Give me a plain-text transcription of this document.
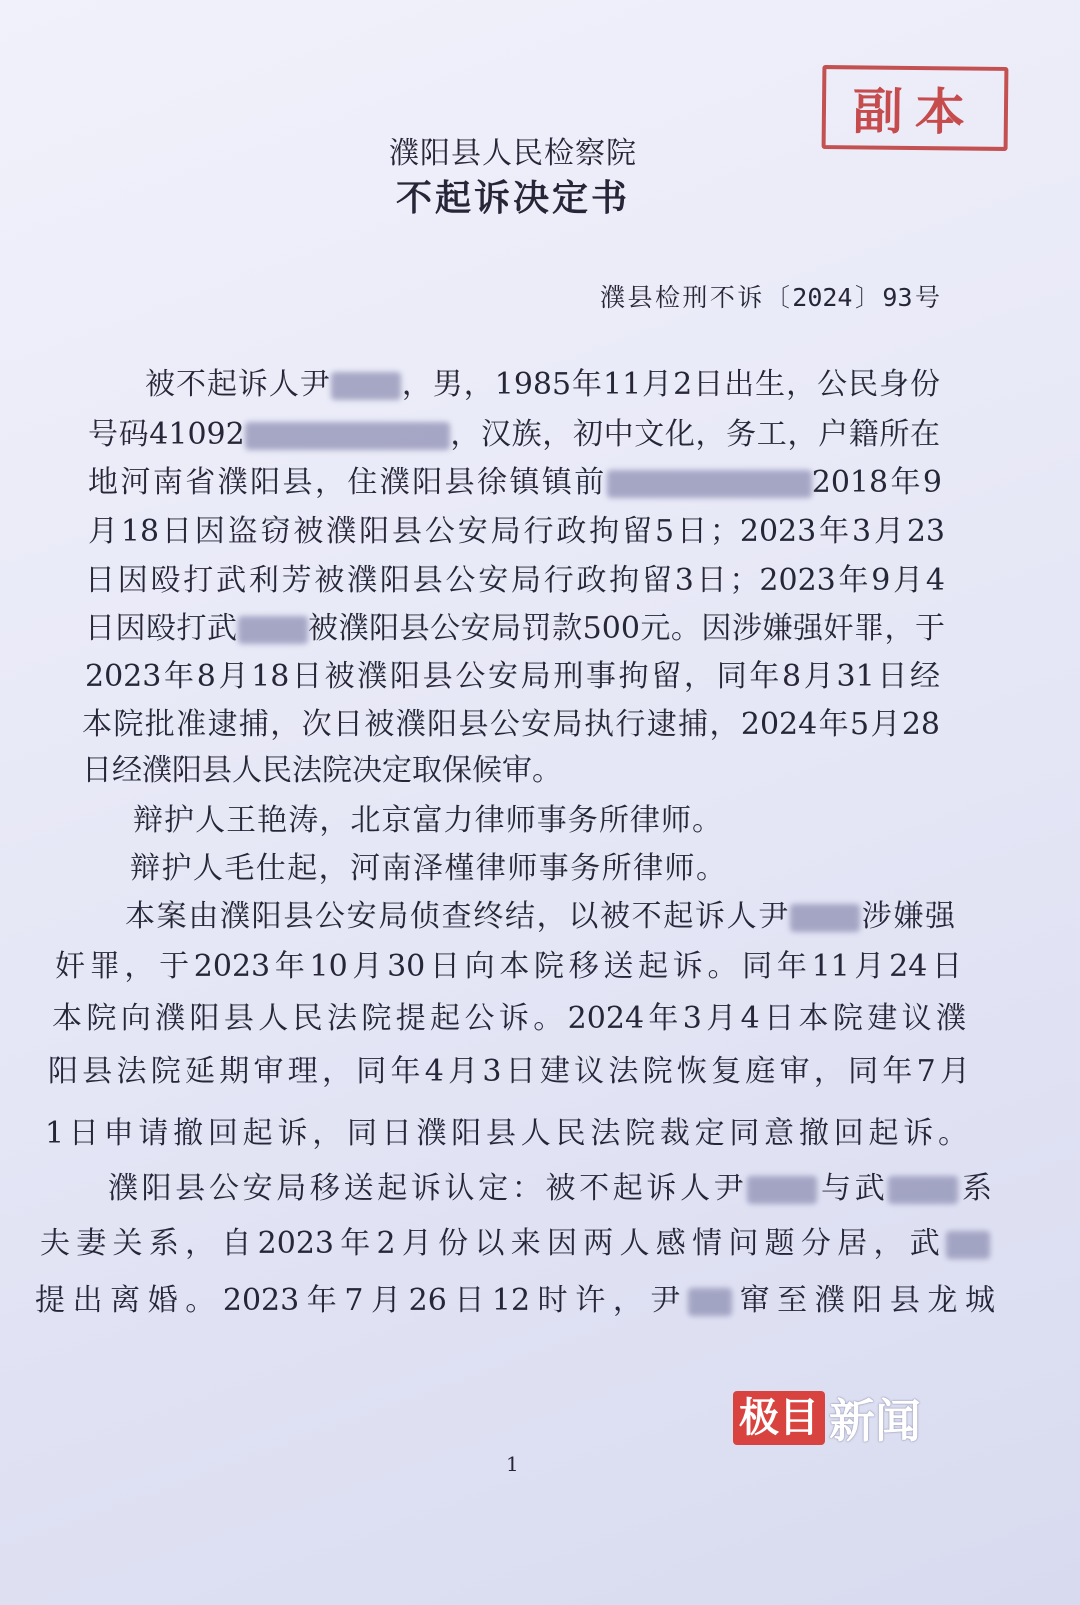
副本
濮阳县人民检察院
不起诉决定书
濮县检刑不诉〔2024〕93号
被不起诉人尹 ，男，1985年11月2日出生，公民身份
号码41092	，汉族，初中文化，务工，户籍所在
地河南省濮阳县，住濮阳县徐镇镇前	2018年9
月18日因盗窃被濮阳县公安局行政拘留5日；2023年3月23
日因殴打武利芳被濮阳县公安局行政拘留3日；2023年9月4
日因殴打武 被濮阳县公安局罚款500元。因涉嫌强奸罪，于
2023年8月18日被濮阳县公安局刑事拘留，同年8月31日经
本院批准逮捕，次日被濮阳县公安局执行逮捕，2024年5月28
日经濮阳县人民法院决定取保候审。
辩护人王艳涛，北京富力律师事务所律师。
辩护人毛仕起，河南泽槿律师事务所律师。
本案由濮阳县公安局侦查终结，以被不起诉人尹 涉嫌强
奸罪，于2023年10月30日向本院移送起诉。同年11月24日
本院向濮阳县人民法院提起公诉。2024年3月4日本院建议濮
阳县法院延期审理，同年4月3日建议法院恢复庭审，同年7月
1日申请撤回起诉，同日濮阳县人民法院裁定同意撤回起诉。
濮阳县公安局移送起诉认定：被不起诉人尹 与武 系
夫妻关系，自2023年2月份以来因两人感情问题分居，武
提出离婚。2023年7月26日12时许，尹 窜至濮阳县龙城
1
极目 新闻
